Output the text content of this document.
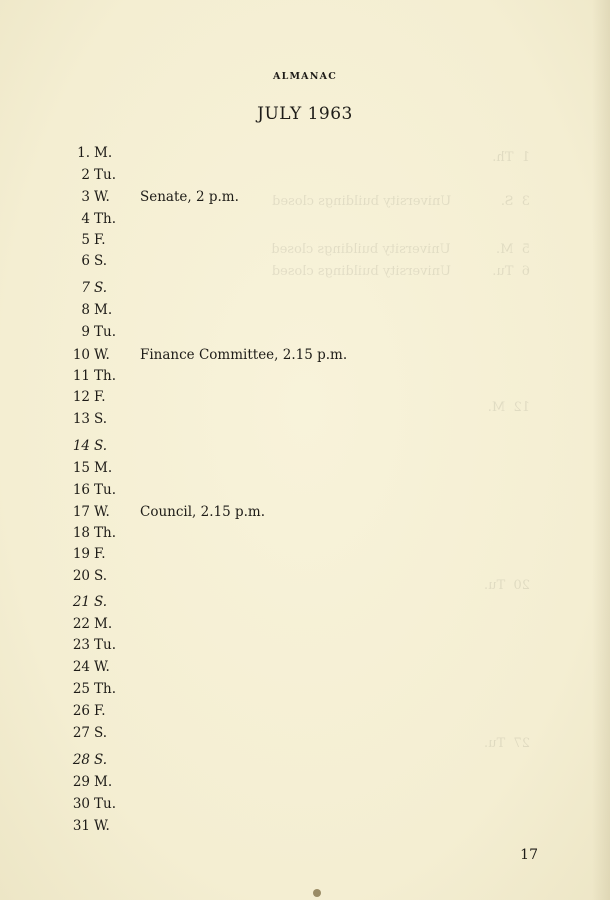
1  Th.
3  S.            University buildings closed
5  M.           University buildings closed
6  Tu.          University buildings closed
12  M.
20  Tu.
27  Tu.
ALMANAC
JULY 1963
1. M.
2 Tu.
3 W. Senate, 2 p.m.
4 Th.
5 F.
6 S.
7 S.
8 M.
9 Tu.
10 W. Finance Committee, 2.15 p.m.
11 Th.
12 F.
13 S.
14 S.
15 M.
16 Tu.
17 W. Council, 2.15 p.m.
18 Th.
19 F.
20 S.
21 S.
22 M.
23 Tu.
24 W.
25 Th.
26 F.
27 S.
28 S.
29 M.
30 Tu.
31 W.
17
